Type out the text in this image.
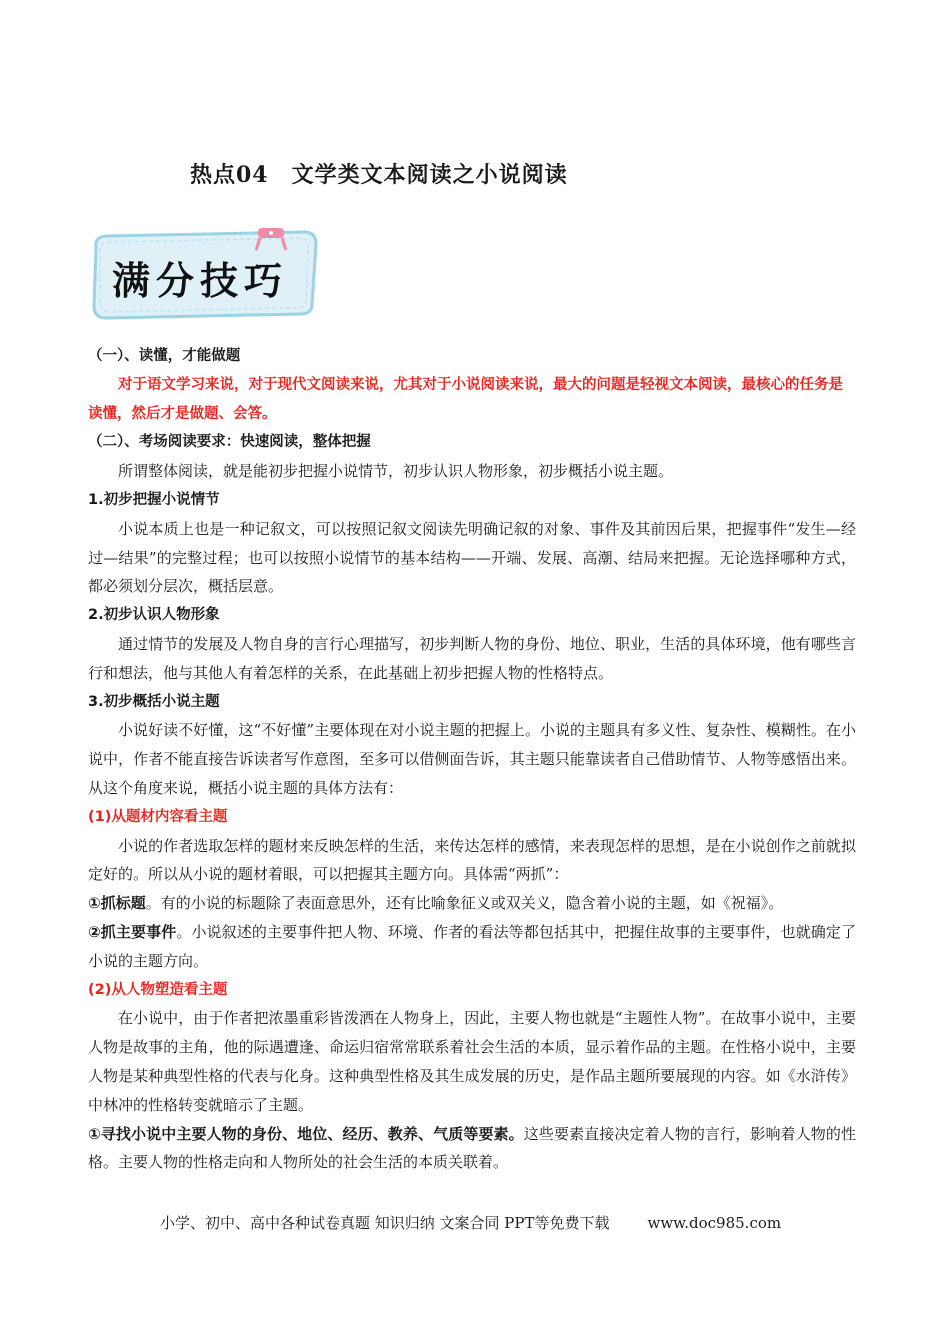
热点04　文学类文本阅读之小说阅读
满分技巧

（一）、读懂，才能做题

对于语文学习来说，对于现代文阅读来说，尤其对于小说阅读来说，最大的问题是轻视文本阅读，最核心的任务是读懂，然后才是做题、会答。

（二）、考场阅读要求：快速阅读，整体把握

所谓整体阅读，就是能初步把握小说情节，初步认识人物形象，初步概括小说主题。

1.初步把握小说情节

小说本质上也是一种记叙文，可以按照记叙文阅读先明确记叙的对象、事件及其前因后果，把握事件“发生—经过—结果”的完整过程；也可以按照小说情节的基本结构——开端、发展、高潮、结局来把握。无论选择哪种方式，都必须划分层次，概括层意。

2.初步认识人物形象

通过情节的发展及人物自身的言行心理描写，初步判断人物的身份、地位、职业，生活的具体环境，他有哪些言行和想法，他与其他人有着怎样的关系，在此基础上初步把握人物的性格特点。

3.初步概括小说主题

小说好读不好懂，这“不好懂”主要体现在对小说主题的把握上。小说的主题具有多义性、复杂性、模糊性。在小说中，作者不能直接告诉读者写作意图，至多可以借侧面告诉，其主题只能靠读者自己借助情节、人物等感悟出来。从这个角度来说，概括小说主题的具体方法有：

(1)从题材内容看主题

小说的作者选取怎样的题材来反映怎样的生活，来传达怎样的感情，来表现怎样的思想，是在小说创作之前就拟定好的。所以从小说的题材着眼，可以把握其主题方向。具体需“两抓”：

①抓标题。有的小说的标题除了表面意思外，还有比喻象征义或双关义，隐含着小说的主题，如《祝福》。

②抓主要事件。小说叙述的主要事件把人物、环境、作者的看法等都包括其中，把握住故事的主要事件，也就确定了小说的主题方向。

(2)从人物塑造看主题

在小说中，由于作者把浓墨重彩皆泼洒在人物身上，因此，主要人物也就是“主题性人物”。在故事小说中，主要人物是故事的主角，他的际遇遭逢、命运归宿常常联系着社会生活的本质，显示着作品的主题。在性格小说中，主要人物是某种典型性格的代表与化身。这种典型性格及其生成发展的历史，是作品主题所要展现的内容。如《水浒传》中林冲的性格转变就暗示了主题。

①寻找小说中主要人物的身份、地位、经历、教养、气质等要素。这些要素直接决定着人物的言行，影响着人物的性格。主要人物的性格走向和人物所处的社会生活的本质关联着。

小学、初中、高中各种试卷真题 知识归纳 文案合同 PPT等免费下载	www.doc985.com
